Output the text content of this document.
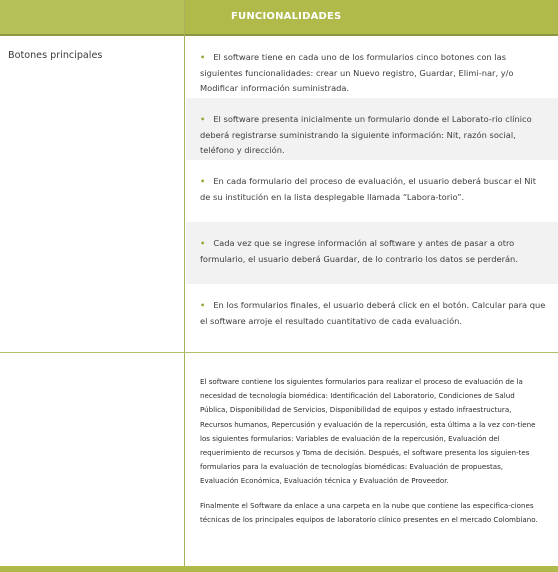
FUNCIONALIDADES
Botones principales	• El software tiene en cada uno de los formularios cinco botones con las siguientes funcionalidades: crear un Nuevo registro, Guardar, Elimi-nar, y/o Modificar información suministrada.
• El software presenta inicialmente un formulario donde el Laborato-rio clínico deberá registrarse suministrando la siguiente información: Nit, razón social, teléfono y dirección.
• En cada formulario del proceso de evaluación, el usuario deberá buscar el Nit de su institución en la lista desplegable llamada “Labora-torio”.
• Cada vez que se ingrese información al software y antes de pasar a otro formulario, el usuario deberá Guardar, de lo contrario los datos se perderán.
• En los formularios finales, el usuario deberá click en el botón. Calcular para que el software arroje el resultado cuantitativo de cada evaluación.

El software contiene los siguientes formularios para realizar el proceso de evaluación de la necesidad de tecnología biomédica: Identificación del Laboratorio, Condiciones de Salud Pública, Disponibilidad de Servicios, Disponibilidad de equipos y estado infraestructura, Recursos humanos, Repercusión y evaluación de la repercusión, esta última a la vez con-tiene los siguientes formularios: Variables de evaluación de la repercusión, Evaluación del requerimiento de recursos y Toma de decisión. Después, el software presenta los siguien-tes formularios para la evaluación de tecnologías biomédicas: Evaluación de propuestas, Evaluación Económica, Evaluación técnica y Evaluación de Proveedor.

Finalmente el Software da enlace a una carpeta en la nube que contiene las especifica-ciones técnicas de los principales equipos de laboratorio clínico presentes en el mercado Colombiano.
